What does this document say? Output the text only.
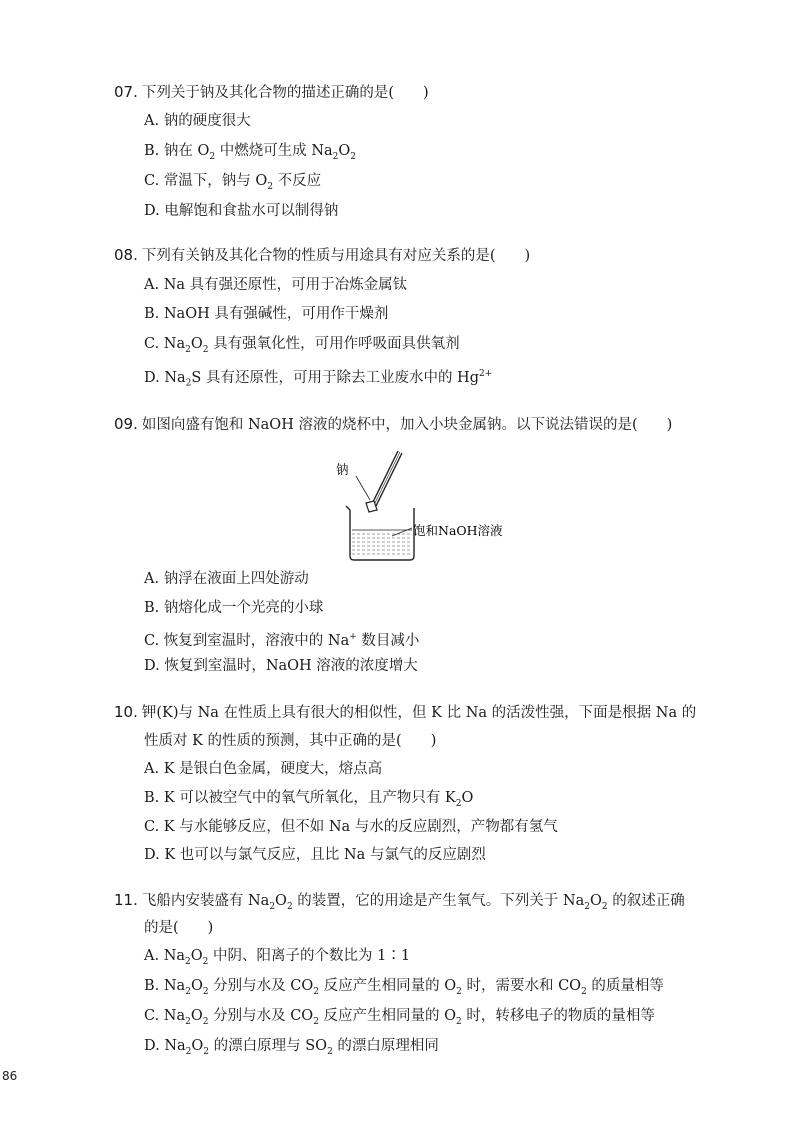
07. 下列关于钠及其化合物的描述正确的是(　　)
A. 钠的硬度很大
B. 钠在 $O_2$ 中燃烧可生成 $Na_2O_2$
C. 常温下，钠与 $O_2$ 不反应
D. 电解饱和食盐水可以制得钠
08. 下列有关钠及其化合物的性质与用途具有对应关系的是(　　)
A. Na 具有强还原性，可用于冶炼金属钛
B. NaOH 具有强碱性，可用作干燥剂
C. $Na_2O_2$ 具有强氧化性，可用作呼吸面具供氧剂
D. $Na_2S$ 具有还原性，可用于除去工业废水中的 $Hg^{2+}$
09. 如图向盛有饱和 NaOH 溶液的烧杯中，加入小块金属钠。以下说法错误的是(　　)
钠
饱和NaOH溶液
A. 钠浮在液面上四处游动
B. 钠熔化成一个光亮的小球
C. 恢复到室温时，溶液中的 Na+ 数目减小
D. 恢复到室温时，NaOH 溶液的浓度增大
10. 钾(K)与 Na 在性质上具有很大的相似性，但 K 比 Na 的活泼性强，下面是根据 Na 的
性质对 K 的性质的预测，其中正确的是(　　)
A. K 是银白色金属，硬度大，熔点高
B. K 可以被空气中的氧气所氧化，且产物只有 $K_2O$
C. K 与水能够反应，但不如 Na 与水的反应剧烈，产物都有氢气
D. K 也可以与氯气反应，且比 Na 与氯气的反应剧烈
11. 飞船内安装盛有 $Na_2O_2$ 的装置，它的用途是产生氧气。下列关于 $Na_2O_2$ 的叙述正确
的是(　　)
A. $Na_2O_2$ 中阴、阳离子的个数比为 1∶1
B. $Na_2O_2$ 分别与水及 $CO_2$ 反应产生相同量的 $O_2$ 时，需要水和 $CO_2$ 的质量相等
C. $Na_2O_2$ 分别与水及 $CO_2$ 反应产生相同量的 $O_2$ 时，转移电子的物质的量相等
D. $Na_2O_2$ 的漂白原理与 $SO_2$ 的漂白原理相同
86
